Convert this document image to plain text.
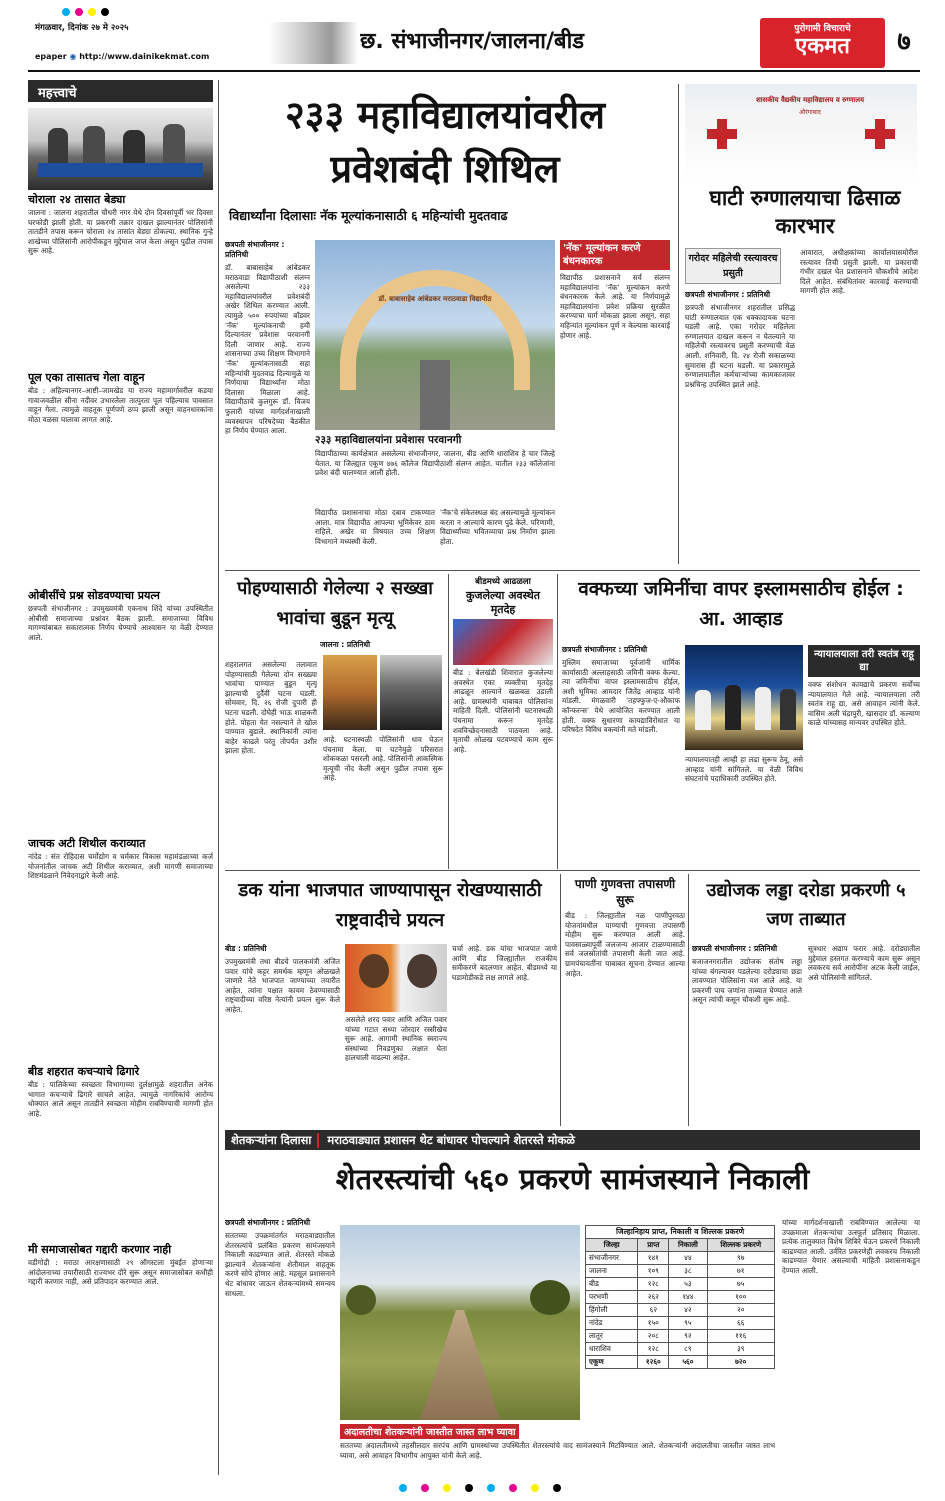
मंगळवार, दिनांक २७ मे २०२५
epaper ◉ http://www.dainikekmat.com
छ. संभाजीनगर/जालना/बीड	पुरोगामी विचाराचे
एकमत	७
महत्त्वाचे
चोराला २४ तासात बेड्या
जालना : जालना शहरातील चौधरी नगर येथे दोन दिवसांपूर्वी भर दिवसा घरफोडी झाली होती. या प्रकरणी तक्रार दाखल झाल्यानंतर पोलिसांनी तातडीने तपास करून चोराला २४ तासांत बेड्या ठोकल्या. स्थानिक गुन्हे शाखेच्या पोलिसांनी आरोपीकडून मुद्देमाल जप्त केला असून पुढील तपास सुरू आहे.
पूल एका तासातच गेला वाहून
बीड : अहिल्यानगर–आष्टी–जामखेड या राज्य महामार्गावरील कडया गावाजवळील सीना नदीवर उभारलेला तात्पुरता पूल पहिल्याच पावसात वाहून गेला. त्यामुळे वाहतूक पूर्णपणे ठप्प झाली असून वाहनधारकांना मोठा वळसा घालावा लागत आहे.
ओबीसींचे प्रश्न सोडवण्याचा प्रयत्न
छत्रपती संभाजीनगर : उपमुख्यमंत्री एकनाथ शिंदे यांच्या उपस्थितीत ओबीसी समाजाच्या प्रश्नांवर बैठक झाली. समाजाच्या विविध मागण्यांबाबत सकारात्मक निर्णय घेण्याचे आश्वासन या वेळी देण्यात आले.
जाचक अटी शिथील कराव्यात
नांदेड : संत रोहिदास चर्मोद्योग व चर्मकार विकास महामंडळाच्या कर्ज योजनांतील जाचक अटी शिथील कराव्यात, अशी मागणी समाजाच्या शिष्टमंडळाने निवेदनाद्वारे केली आहे.
बीड शहरात कचऱ्याचे ढिगारे
बीड : पालिकेच्या स्वच्छता विभागाच्या दुर्लक्षामुळे शहरातील अनेक भागात कचऱ्याचे ढिगारे साचले आहेत. त्यामुळे नागरिकांचे आरोग्य धोक्यात आले असून तातडीने स्वच्छता मोहीम राबविण्याची मागणी होत आहे.
मी समाजासोबत गद्दारी करणार नाही
वडीगोद्री : मराठा आरक्षणासाठी २९ ऑगस्टला मुंबईत होणाऱ्या आंदोलनाच्या तयारीसाठी राज्यभर दौरे सुरू असून समाजासोबत कधीही गद्दारी करणार नाही, असे प्रतिपादन करण्यात आले.
२३३ महाविद्यालयांवरील प्रवेशबंदी शिथिल
विद्यार्थ्यांना दिलासाः नॅक मूल्यांकनासाठी ६ महिन्यांची मुदतवाढ
छत्रपती संभाजीनगर : प्रतिनिधी
डॉ. बाबासाहेब आंबेडकर मराठवाडा विद्यापीठाशी संलग्न असलेल्या २३३ महाविद्यालयांवरील प्रवेशबंदी अखेर शिथिल करण्यात आली. त्यामुळे ५०० रुपयांच्या बाँडवर 'नॅक' मूल्यांकनाची हमी दिल्यानंतर प्रवेशास परवानगी दिली जाणार आहे. राज्य शासनाच्या उच्च शिक्षण विभागाने 'नॅक' मूल्यांकनासाठी सहा महिन्यांची मुदतवाढ दिल्यामुळे या निर्णयाचा विद्यार्थ्यांना मोठा दिलासा मिळाला आहे. विद्यापीठाचे कुलगुरू डॉ. विजय फुलारी यांच्या मार्गदर्शनाखाली व्यवस्थापन परिषदेच्या बैठकीत हा निर्णय घेण्यात आला.
डॉ. बाबासाहेब आंबेडकर मराठवाडा विद्यापीठ
२३३ महाविद्यालयांना प्रवेशास परवानगी
विद्यापीठाच्या कार्यक्षेत्रात असलेल्या संभाजीनगर, जालना, बीड आणि धाराशिव हे चार जिल्हे येतात. या जिल्ह्यात एकूण ४७६ कॉलेज विद्यापीठाशी संलग्न आहेत. यातील २३३ कॉलेजांना प्रवेश बंदी घालण्यात आली होती.
'नॅक' मूल्यांकन करणे बंधनकारक
विद्यापीठ प्रशासनाने सर्व संलग्न महाविद्यालयांना 'नॅक' मूल्यांकन करणे बंधनकारक केले आहे. या निर्णयामुळे महाविद्यालयांना प्रवेश प्रक्रिया सुरळीत करण्याचा मार्ग मोकळा झाला असून, सहा महिन्यांत मूल्यांकन पूर्ण न केल्यास कारवाई होणार आहे.
विद्यापीठ प्रशासनाचा मोठा दबाव टाकण्यात आला. मात्र विद्यापीठ आपल्या भूमिकेवर ठाम राहिले. अखेर या विषयात उच्च शिक्षण विभागाने मध्यस्थी केली.
'नॅक'चे संकेतस्थळ बंद असल्यामुळे मूल्यांकन करता न आल्याचे कारण पुढे केले. परिणामी, विद्यार्थ्यांच्या भवितव्याचा प्रश्न निर्माण झाला होता.
शासकीय वैद्यकीय महाविद्यालय व रुग्णालय
औरंगाबाद
घाटी रुग्णालयाचा ढिसाळ कारभार
गरोदर महिलेची रस्त्यावरच प्रसुती
छत्रपती संभाजीनगर : प्रतिनिधी
छत्रपती संभाजीनगर शहरातील प्रसिद्ध घाटी रुग्णालयात एक धक्कादायक घटना घडली आहे. एका गरोदर महिलेला रुग्णालयात दाखल करून न घेतल्याने या महिलेची रस्त्यावरच प्रसुती करण्याची वेळ आली. शनिवारी, दि. २४ रोजी सकाळच्या सुमारास ही घटना घडली. या प्रकारामुळे रुग्णालयातील कर्मचाऱ्यांच्या कामकाजावर प्रश्नचिन्ह उपस्थित झाले आहे.
आवारात, अधीक्षकांच्या कार्यालयासमोरील रस्त्यावर तिची प्रसुती झाली. या प्रकाराची गंभीर दखल घेत प्रशासनाने चौकशीचे आदेश दिले आहेत. संबंधितांवर कारवाई करण्याची मागणी होत आहे.
पोहण्यासाठी गेलेल्या २ सख्खा भावांचा बुडून मृत्यू
जालना : प्रतिनिधी
शहरालगत असलेल्या तलावात पोहण्यासाठी गेलेल्या दोन सख्ख्या भावांचा पाण्यात बुडून मृत्यू झाल्याची दुर्दैवी घटना घडली. सोमवार, दि. २६ रोजी दुपारी ही घटना घडली. दोघेही भाऊ शाळकरी होते. पोहता येत नसल्याने ते खोल पाण्यात बुडाले. स्थानिकांनी त्यांना बाहेर काढले परंतु तोपर्यंत उशीर झाला होता.
आहे. घटनास्थळी पोलिसांनी धाव घेऊन पंचनामा केला. या घटनेमुळे परिसरात शोककळा पसरली आहे. पोलिसांनी आकस्मिक मृत्यूची नोंद केली असून पुढील तपास सुरू आहे.
बीडमध्ये आढळला
कुजलेल्या अवस्थेत मृतदेह
बीड : बेलखंडी शिवारात कुजलेल्या अवस्थेत एका व्यक्तीचा मृतदेह आढळून आल्याने खळबळ उडाली आहे. ग्रामस्थांनी याबाबत पोलिसांना माहिती दिली. पोलिसांनी घटनास्थळी पंचनामा करून मृतदेह शवविच्छेदनासाठी पाठवला आहे. मृताची ओळख पटवण्याचे काम सुरू आहे.
वक्फच्या जमिनींचा वापर इस्लामसाठीच होईल : आ. आव्हाड
छत्रपती संभाजीनगर : प्रतिनिधी
मुस्लिम समाजाच्या पूर्वजांनी धार्मिक कार्यासाठी अल्लाहसाठी जमिनी वक्फ केल्या. त्या जमिनींचा वापर इस्लामसाठीच होईल, अशी भूमिका आमदार जितेंद्र आव्हाड यांनी मांडली. मंगळवारी 'तहफ्फुज-ए-औकाफ कॉन्फरन्स' येथे आयोजित करण्यात आली होती. वक्फ सुधारणा कायद्याविरोधात या परिषदेत विविध वक्त्यांनी मते मांडली.
न्यायालयातही आम्ही हा लढा सुरूच ठेवू, असे आव्हाड यांनी सांगितले. या वेळी विविध संघटनांचे पदाधिकारी उपस्थित होते.
न्यायालयाला तरी स्वतंत्र राहू द्या
वक्फ संशोधन कायद्याचे प्रकरण सर्वोच्च न्यायालयात गेले आहे. न्यायालयाला तरी स्वतंत्र राहू द्या, असे आवाहन त्यांनी केले. वासिम अली चंद्रापुरी, खासदार डॉ. कल्याण काळे यांच्यासह मान्यवर उपस्थित होते.
डक यांना भाजपात जाण्यापासून रोखण्यासाठी राष्ट्रवादीचे प्रयत्न
बीड : प्रतिनिधी
उपमुख्यमंत्री तथा बीडचे पालकमंत्री अजित पवार यांचे कट्टर समर्थक म्हणून ओळखले जाणारे नेते भाजपात जाण्याच्या तयारीत आहेत. त्यांना पक्षात कायम ठेवण्यासाठी राष्ट्रवादीच्या वरिष्ठ नेत्यांनी प्रयत्न सुरू केले आहेत.
असलेले शरद पवार आणि अजित पवार यांच्या गटात सध्या जोरदार रस्सीखेच सुरू आहे. आगामी स्थानिक स्वराज्य संस्थांच्या निवडणुका लक्षात घेता हालचाली वाढल्या आहेत.
चर्चा आहे. डक यांचा भाजपात जाणे आणि बीड जिल्ह्यातील राजकीय समीकरणे बदलणार आहेत. बीडमध्ये या घडामोडीकडे लक्ष लागले आहे.
पाणी गुणवत्ता तपासणी सुरू
बीड : जिल्ह्यातील नळ पाणीपुरवठा योजनांमधील पाण्याची गुणवत्ता तपासणी मोहीम सुरू करण्यात आली आहे. पावसाळ्यापूर्वी जलजन्य आजार टाळण्यासाठी सर्व जलस्रोतांची तपासणी केली जात आहे. ग्रामपंचायतींना याबाबत सूचना देण्यात आल्या आहेत.
उद्योजक लड्डा दरोडा प्रकरणी ५ जण ताब्यात
छत्रपती संभाजीनगर : प्रतिनिधी
बजाजनगरातील उद्योजक संतोष लड्डा यांच्या बंगल्यावर पडलेल्या दरोड्याचा छडा लावण्यात पोलिसांना यश आले आहे. या प्रकरणी पाच जणांना ताब्यात घेण्यात आले असून त्यांची कसून चौकशी सुरू आहे.
सूत्रधार अद्याप फरार आहे. दरोड्यातील मुद्देमाल हस्तगत करण्याचे काम सुरू असून लवकरच सर्व आरोपींना अटक केली जाईल, असे पोलिसांनी सांगितले.
शेतकऱ्यांना दिलासा	मराठवाड्यात प्रशासन थेट बांधावर पोचल्याने शेतरस्ते मोकळे
शेतरस्त्यांची ५६० प्रकरणे सामंजस्याने निकाली
छत्रपती संभाजीनगर : प्रतिनिधी
सततच्या उपक्रमांतर्गत मराठवाड्यातील शेतरस्त्यांचे प्रलंबित प्रकरण सामंजस्याने निकाली काढण्यात आले. शेतरस्ते मोकळे झाल्याने शेतकऱ्यांना शेतीमाल वाहतूक करणे सोपे होणार आहे. महसूल प्रशासनाने थेट बांधावर जाऊन शेतकऱ्यांमध्ये समन्वय साधला.
जिल्हानिहाय प्राप्त, निकाली व शिल्लक प्रकरणे			
जिल्हा	प्राप्त	निकाली	शिल्लक प्रकरणे
संभाजीनगर	१४१	४४	९७
जालना	१०९	३८	७१
बीड	१२८	५३	७५
परभणी	२६२	१४४	१००
हिंगोली	६२	४२	२०
नांदेड	१५०	९५	६६
लातूर	२०८	९२	११६
धाराशिव	१२८	८९	३९
एकूण	१२६०	५६०	७२०
यांच्या मार्गदर्शनाखाली राबविण्यात आलेल्या या उपक्रमाला शेतकऱ्यांचा उत्स्फूर्त प्रतिसाद मिळाला. प्रत्येक तालुक्यात विशेष शिबिरे घेऊन प्रकरणे निकाली काढण्यात आली. उर्वरित प्रकरणेही लवकरच निकाली काढण्यात येणार असल्याची माहिती प्रशासनाकडून देण्यात आली.
अदालतीचा शेतकऱ्यांनी जास्तीत जास्त लाभ घ्यावा
सततच्या अदालतीमध्ये तहसीलदार सरपंच आणि ग्रामस्थांच्या उपस्थितीत शेतरस्त्यांचे वाद सामंजस्याने मिटविण्यात आले. शेतकऱ्यांनी अदालतीचा जास्तीत जास्त लाभ घ्यावा, असे आवाहन विभागीय आयुक्त यांनी केले आहे.
